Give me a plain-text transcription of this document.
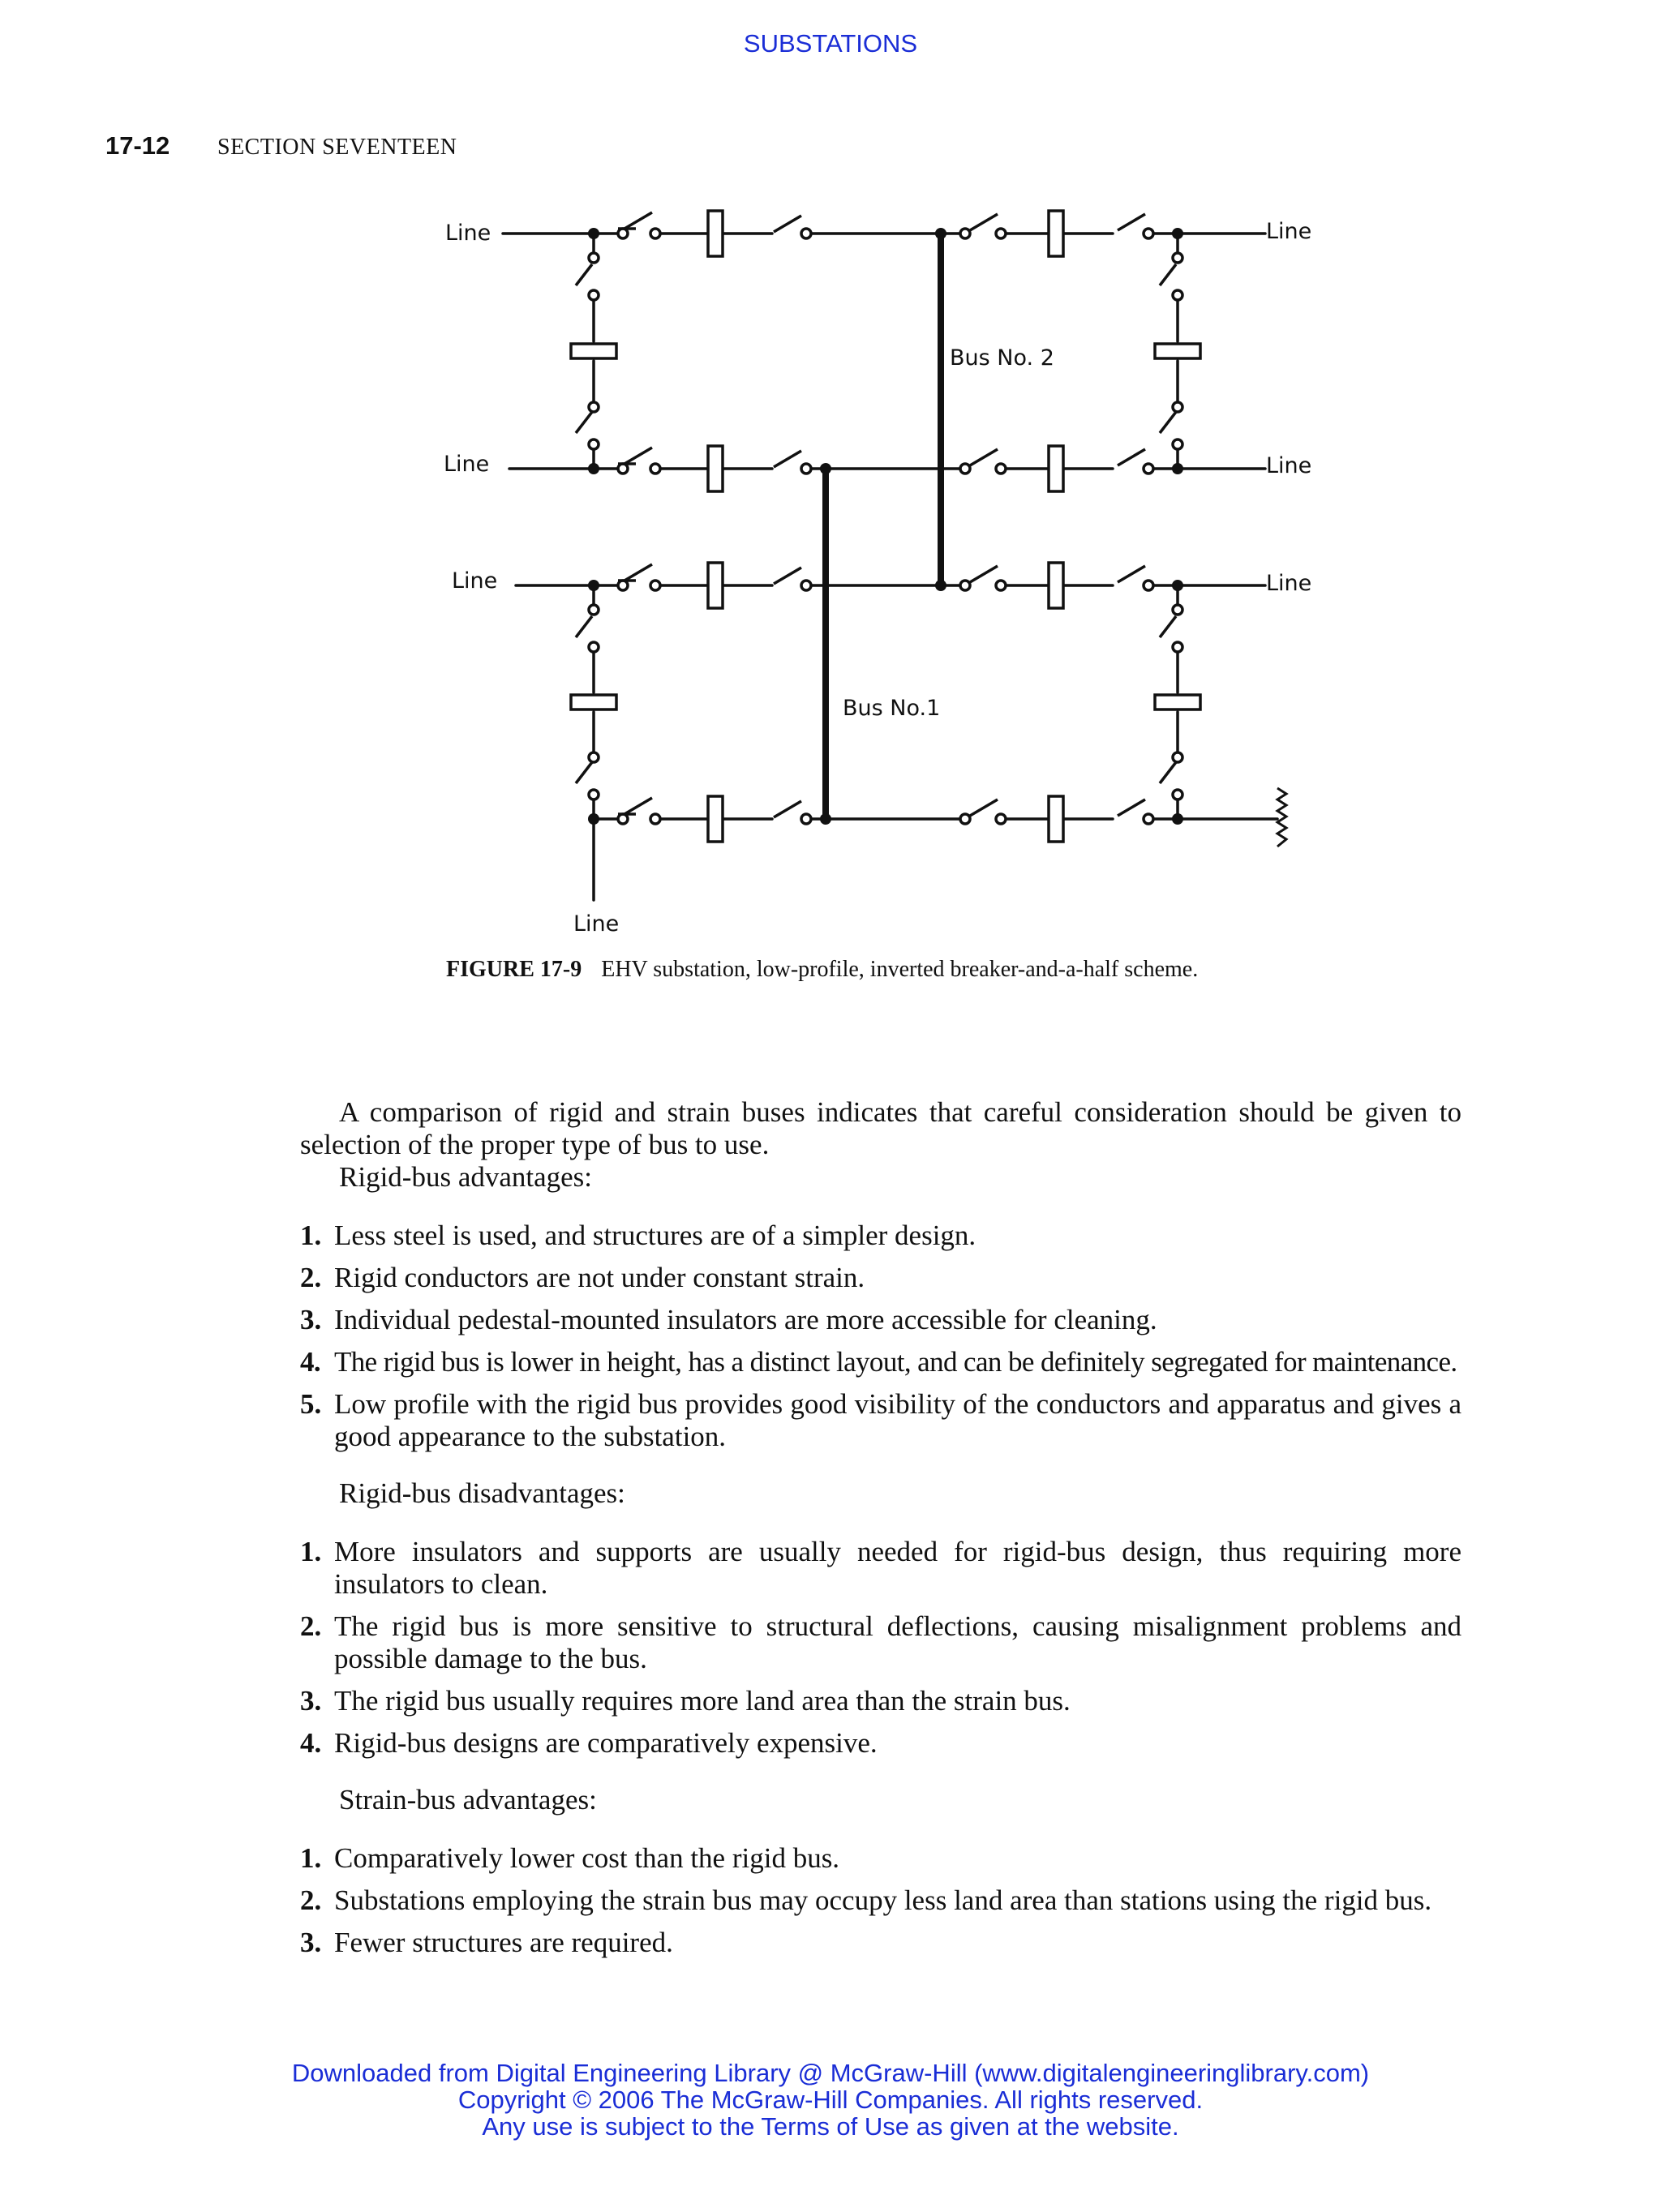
SUBSTATIONS
17-12 SECTION SEVENTEEN
Line	Line
Line	Line
Line	Line
Line
Bus No. 2
Bus No.1
FIGURE 17-9 EHV substation, low-profile, inverted breaker-and-a-half scheme.

A comparison of rigid and strain buses indicates that careful consideration should be given to selection of the proper type of bus to use.

Rigid-bus advantages:

1. Less steel is used, and structures are of a simpler design.
2. Rigid conductors are not under constant strain.
3. Individual pedestal-mounted insulators are more accessible for cleaning.
4. The rigid bus is lower in height, has a distinct layout, and can be definitely segregated for maintenance.
5. Low profile with the rigid bus provides good visibility of the conductors and apparatus and gives a good appearance to the substation.

Rigid-bus disadvantages:

1. More insulators and supports are usually needed for rigid-bus design, thus requiring more insulators to clean.
2. The rigid bus is more sensitive to structural deflections, causing misalignment problems and possible damage to the bus.
3. The rigid bus usually requires more land area than the strain bus.
4. Rigid-bus designs are comparatively expensive.

Strain-bus advantages:

1. Comparatively lower cost than the rigid bus.
2. Substations employing the strain bus may occupy less land area than stations using the rigid bus.
3. Fewer structures are required.
Downloaded from Digital Engineering Library @ McGraw-Hill (www.digitalengineeringlibrary.com)
Copyright © 2006 The McGraw-Hill Companies. All rights reserved.
Any use is subject to the Terms of Use as given at the website.
